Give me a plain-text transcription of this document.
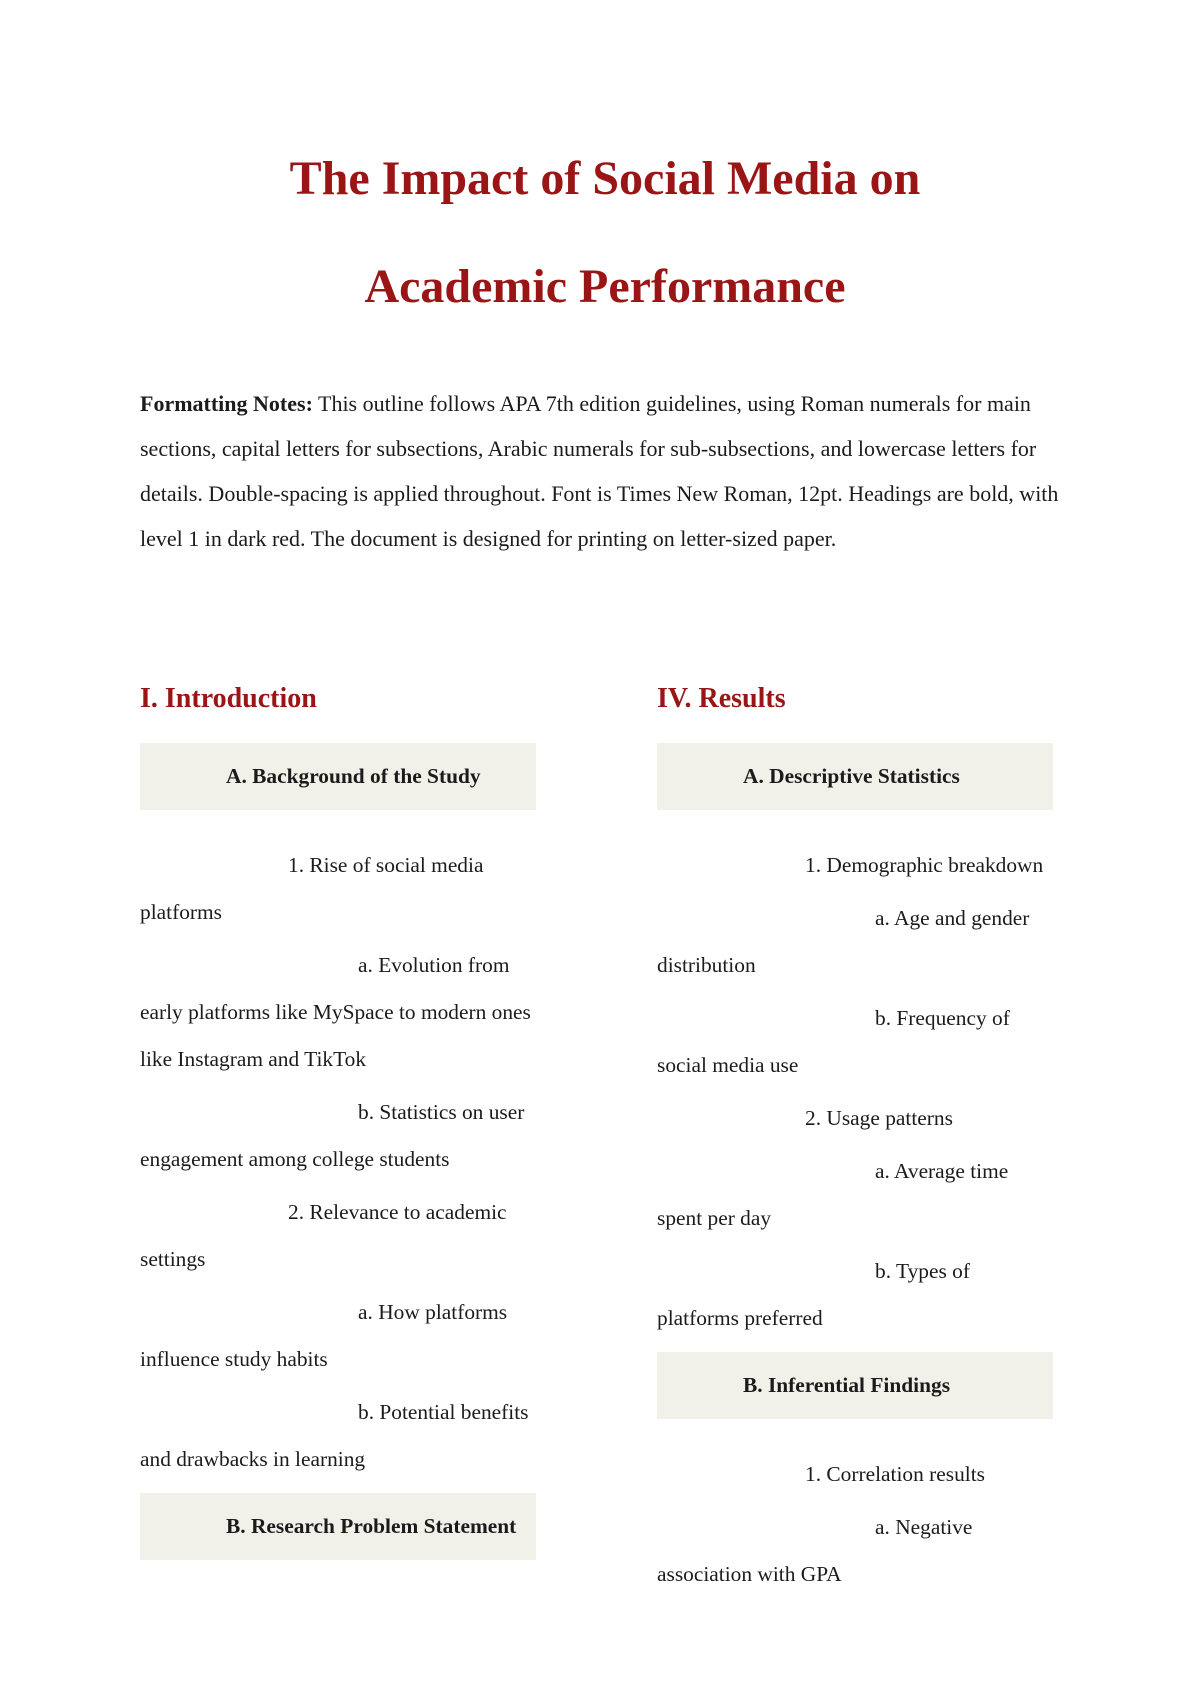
The Impact of Social Media on
Academic Performance

Formatting Notes: This outline follows APA 7th edition guidelines, using Roman numerals for main sections, capital letters for subsections, Arabic numerals for sub-subsections, and lowercase letters for details. Double-spacing is applied throughout. Font is Times New Roman, 12pt. Headings are bold, with level 1 in dark red. The document is designed for printing on letter-sized paper.

I. Introduction

A. Background of the Study

1. Rise of social media platforms

a. Evolution from early platforms like MySpace to modern ones like Instagram and TikTok

b. Statistics on user engagement among college students

2. Relevance to academic settings

a. How platforms influence study habits

b. Potential benefits and drawbacks in learning

B. Research Problem Statement

IV. Results

A. Descriptive Statistics

1. Demographic breakdown

a. Age and gender distribution

b. Frequency of social media use

2. Usage patterns

a. Average time spent per day

b. Types of platforms preferred

B. Inferential Findings

1. Correlation results

a. Negative association with GPA
